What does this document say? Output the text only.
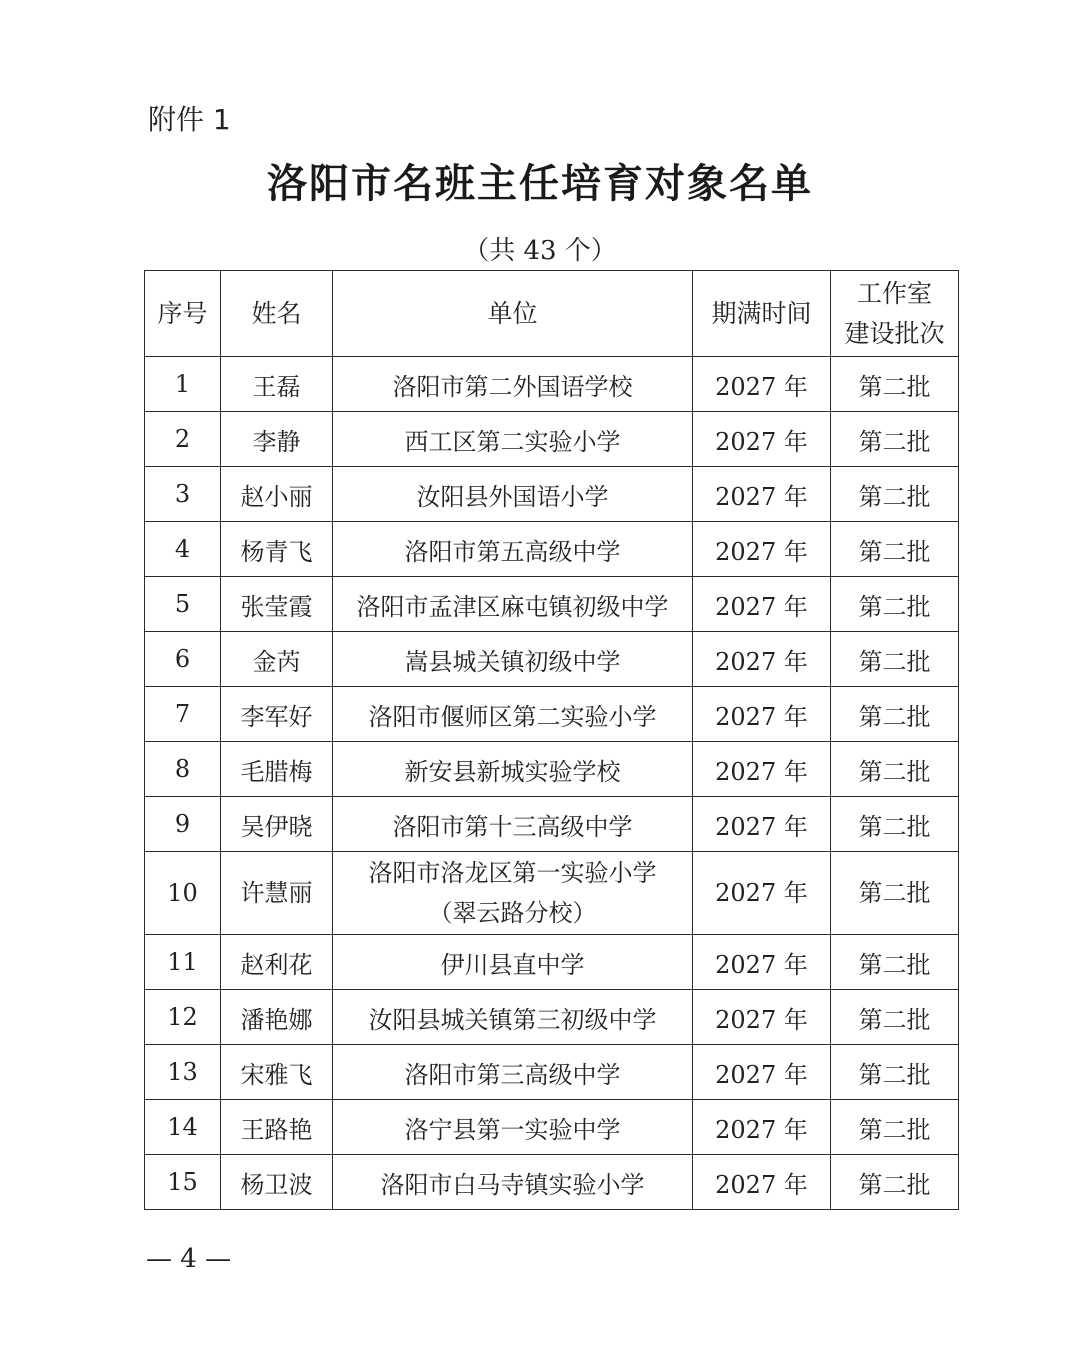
附件 1
洛阳市名班主任培育对象名单
（共 43 个）
序号	姓名	单位	期满时间	工作室
建设批次

1	王磊	洛阳市第二外国语学校	2027 年	第二批
2	李静	西工区第二实验小学	2027 年	第二批
3	赵小丽	汝阳县外国语小学	2027 年	第二批
4	杨青飞	洛阳市第五高级中学	2027 年	第二批
5	张莹霞	洛阳市孟津区麻屯镇初级中学	2027 年	第二批
6	金芮	嵩县城关镇初级中学	2027 年	第二批
7	李军好	洛阳市偃师区第二实验小学	2027 年	第二批
8	毛腊梅	新安县新城实验学校	2027 年	第二批
9	吴伊晓	洛阳市第十三高级中学	2027 年	第二批
10	许慧丽	洛阳市洛龙区第一实验小学
（翠云路分校）	2027 年	第二批
11	赵利花	伊川县直中学	2027 年	第二批
12	潘艳娜	汝阳县城关镇第三初级中学	2027 年	第二批
13	宋雅飞	洛阳市第三高级中学	2027 年	第二批
14	王路艳	洛宁县第一实验中学	2027 年	第二批
15	杨卫波	洛阳市白马寺镇实验小学	2027 年	第二批
— 4 —
